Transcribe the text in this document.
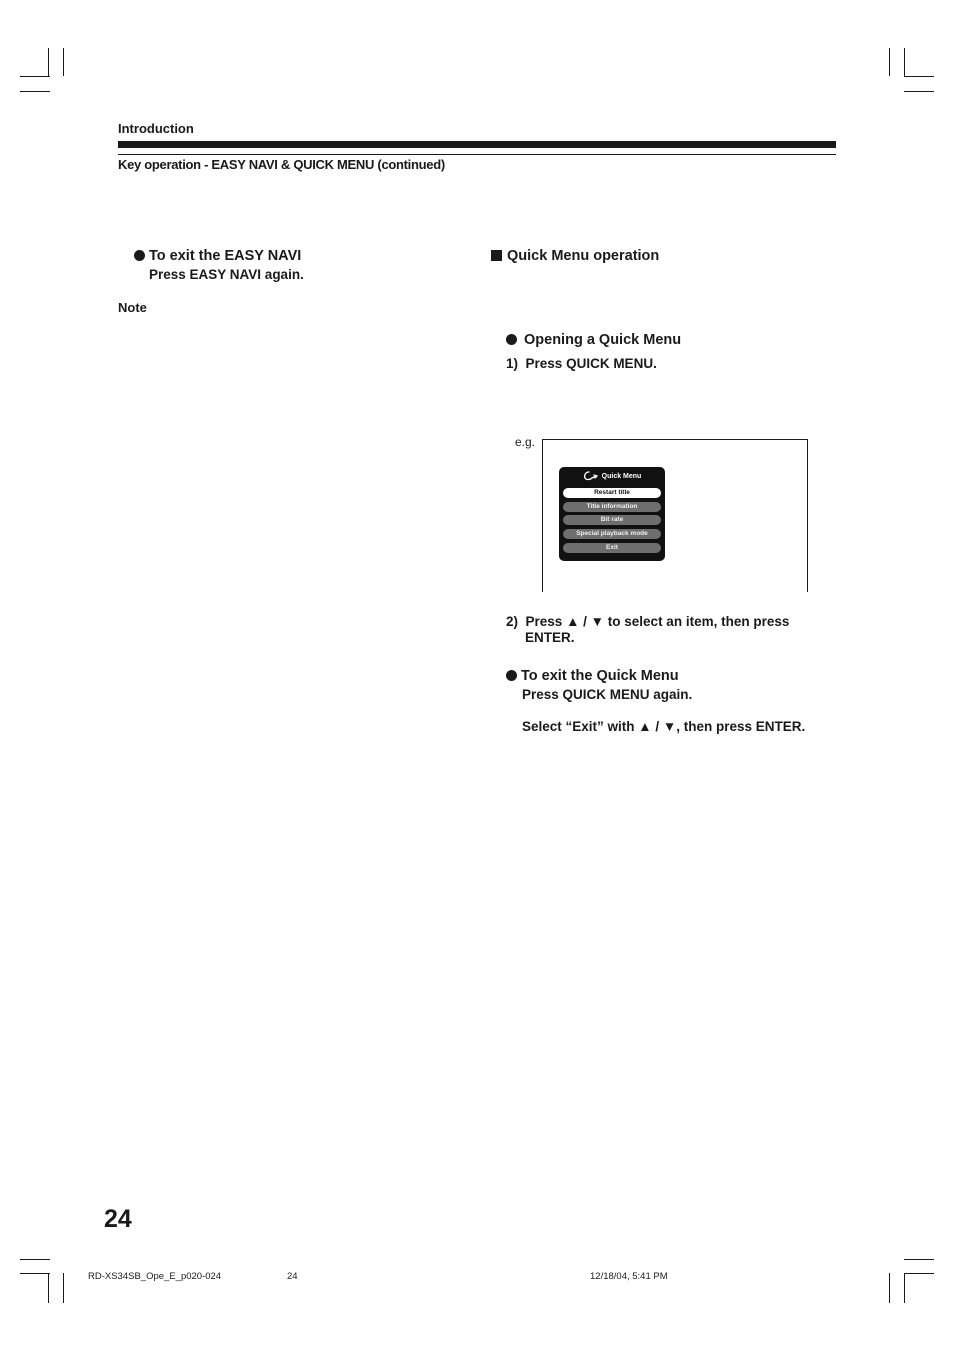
Introduction
Key operation - EASY NAVI & QUICK MENU (continued)
To exit the EASY NAVI
Press EASY NAVI again.
Note
Quick Menu operation
Opening a Quick Menu
1) Press QUICK MENU.
e.g.
Quick Menu
Restart title
Title information
Bit rate
Special playback mode
Exit
2) Press ▲ / ▼ to select an item, then press
ENTER.
To exit the Quick Menu
Press QUICK MENU again.
Select “Exit” with ▲ / ▼, then press ENTER.
24
RD-XS34SB_Ope_E_p020-024	24	12/18/04, 5:41 PM
